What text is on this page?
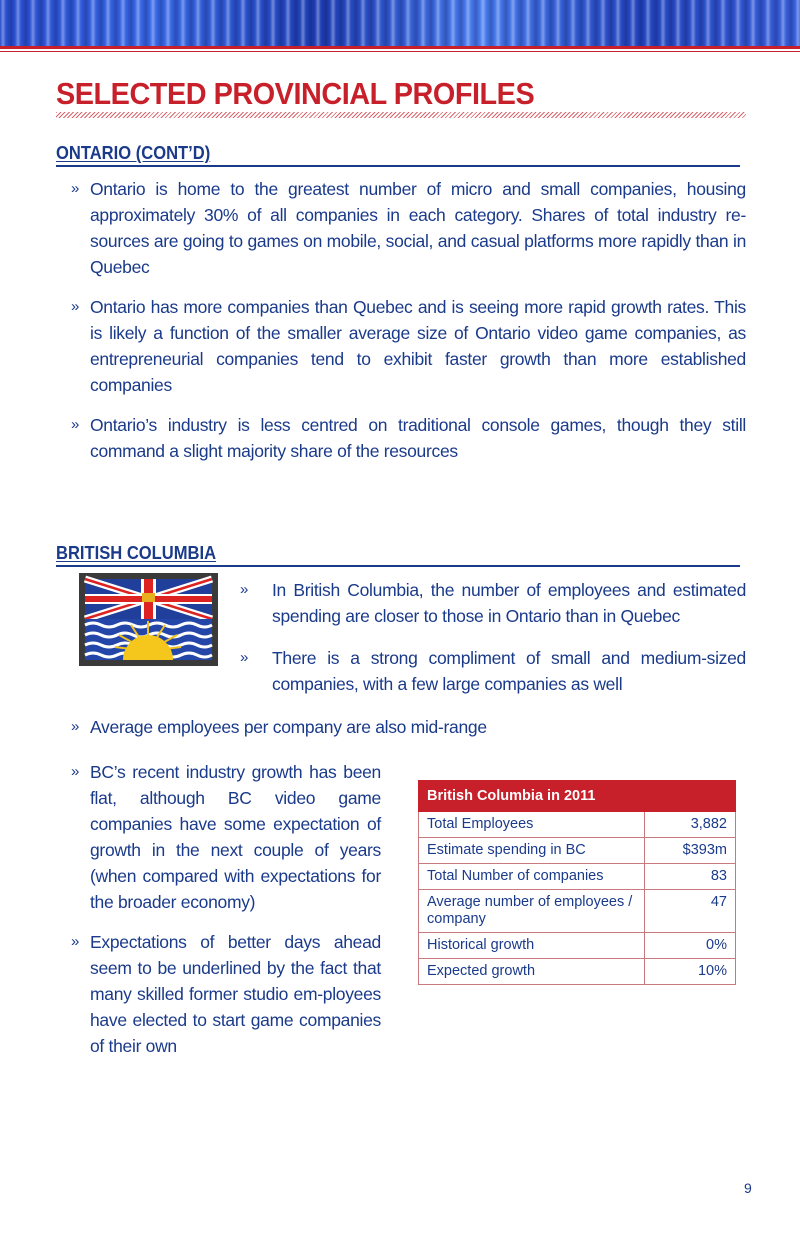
SELECTED PROVINCIAL PROFILES
ONTARIO (CONT’D)
» Ontario is home to the greatest number of micro and small companies, housing approximately 30% of all companies in each category. Shares of total industry re-sources are going to games on mobile, social, and casual platforms more rapidly than in Quebec
» Ontario has more companies than Quebec and is seeing more rapid growth rates. This is likely a function of the smaller average size of Ontario video game companies, as entrepreneurial companies tend to exhibit faster growth than more established companies
» Ontario’s industry is less centred on traditional console games, though they still command a slight majority share of the resources
BRITISH COLUMBIA
» In British Columbia, the number of employees and estimated spending are closer to those in Ontario than in Quebec
» There is a strong compliment of small and medium-sized companies, with a few large companies as well
» Average employees per company are also mid-range
» BC’s recent industry growth has been flat, although BC video game companies have some expectation of growth in the next couple of years (when compared with expectations for the broader economy)
» Expectations of better days ahead seem to be underlined by the fact that many skilled former studio em-ployees have elected to start game companies of their own
British Columbia in 2011	
Total Employees	3,882
Estimate spending in BC	$393m
Total Number of companies	83
Average number of employees / company	47
Historical growth	0%
Expected growth	10%
9
